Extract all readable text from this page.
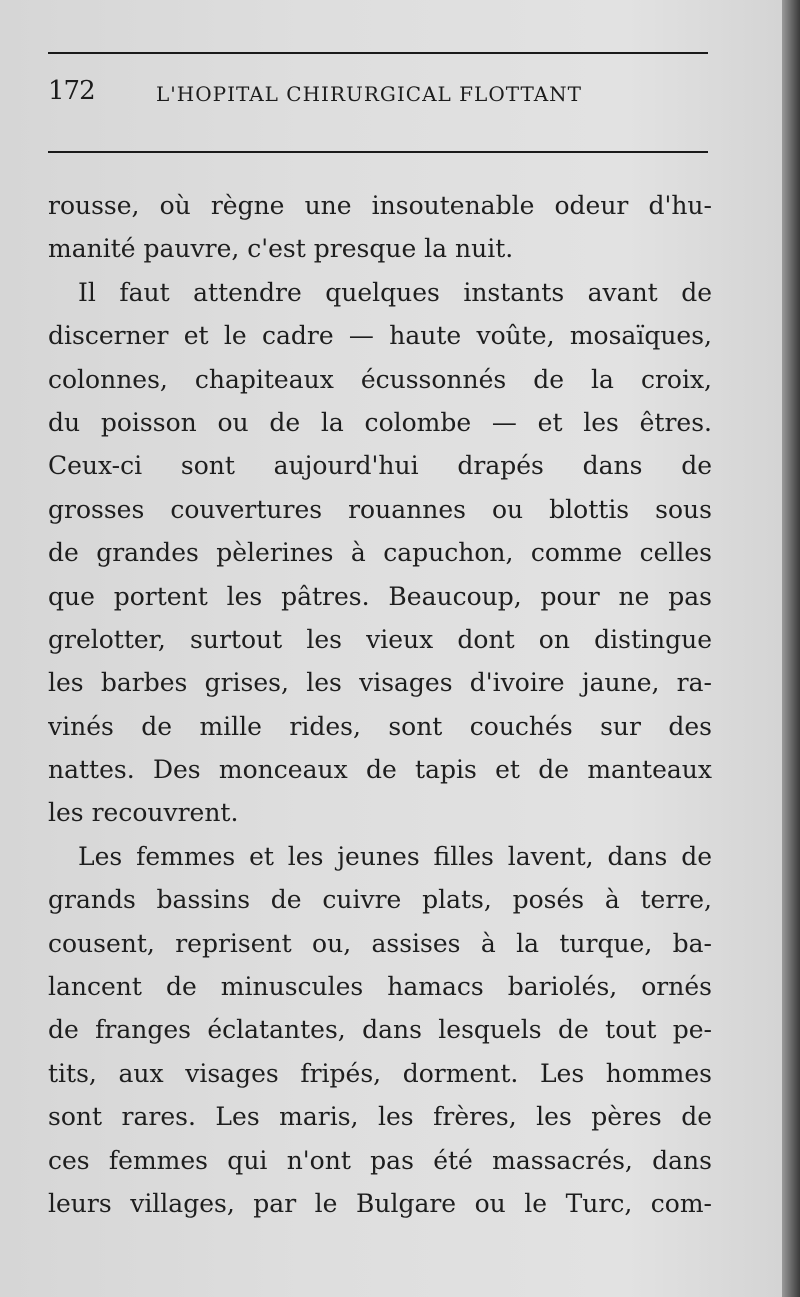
172	L'HOPITAL CHIRURGICAL FLOTTANT
rousse, où règne une insoutenable odeur d'hu-
manité pauvre, c'est presque la nuit.
Il faut attendre quelques instants avant de
discerner et le cadre — haute voûte, mosaïques,
colonnes, chapiteaux écussonnés de la croix,
du poisson ou de la colombe — et les êtres.
Ceux-ci sont aujourd'hui drapés dans de
grosses couvertures rouannes ou blottis sous
de grandes pèlerines à capuchon, comme celles
que portent les pâtres. Beaucoup, pour ne pas
grelotter, surtout les vieux dont on distingue
les barbes grises, les visages d'ivoire jaune, ra-
vinés de mille rides, sont couchés sur des
nattes. Des monceaux de tapis et de manteaux
les recouvrent.
Les femmes et les jeunes filles lavent, dans de
grands bassins de cuivre plats, posés à terre,
cousent, reprisent ou, assises à la turque, ba-
lancent de minuscules hamacs bariolés, ornés
de franges éclatantes, dans lesquels de tout pe-
tits, aux visages fripés, dorment. Les hommes
sont rares. Les maris, les frères, les pères de
ces femmes qui n'ont pas été massacrés, dans
leurs villages, par le Bulgare ou le Turc, com-
